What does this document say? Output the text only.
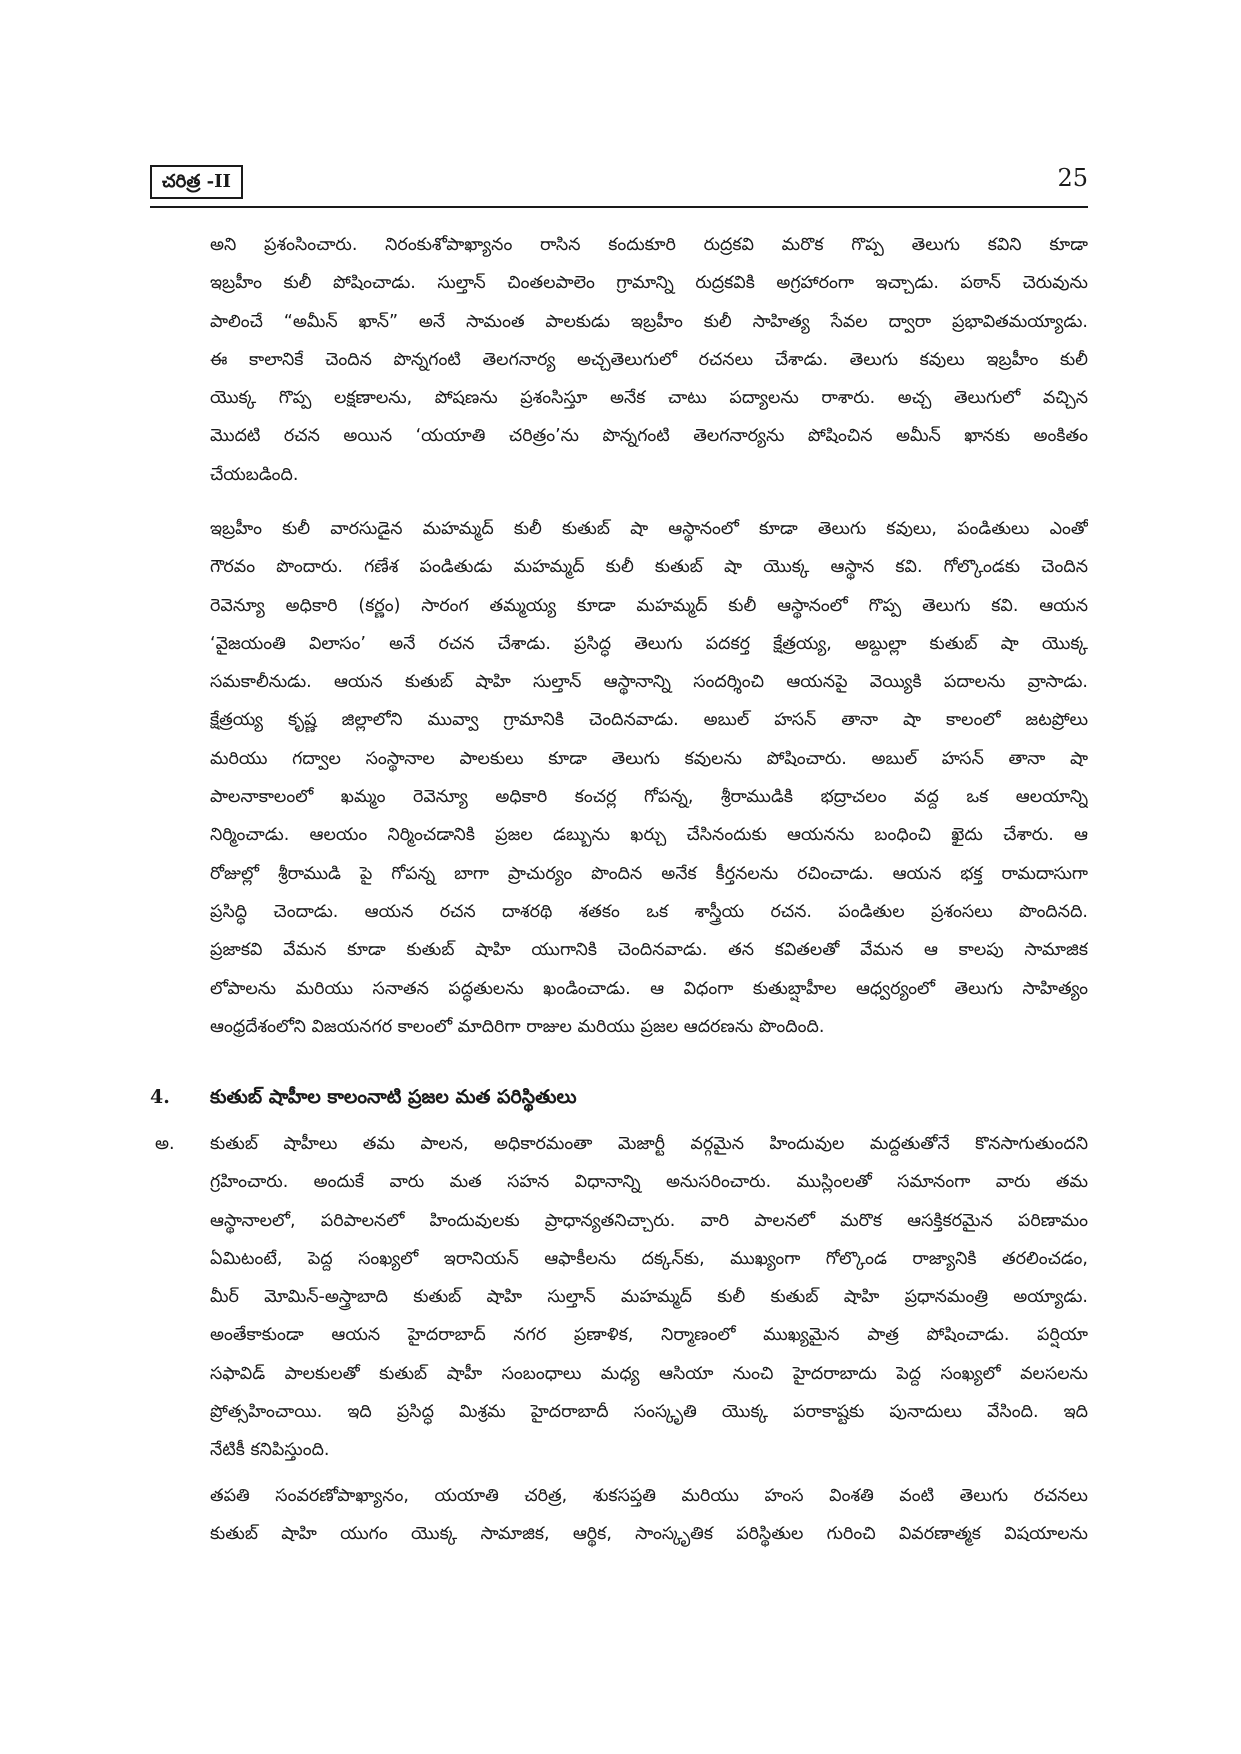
చరిత్ర -II	25
అని ప్రశంసించారు. నిరంకుశోపాఖ్యానం రాసిన కందుకూరి రుద్రకవి మరొక గొప్ప తెలుగు కవిని కూడా
ఇబ్రహీం కులీ పోషించాడు. సుల్తాన్ చింతలపాలెం గ్రామాన్ని రుద్రకవికి అగ్రహారంగా ఇచ్చాడు. పఠాన్ చెరువును
పాలించే “అమీన్ ఖాన్” అనే సామంత పాలకుడు ఇబ్రహీం కులీ సాహిత్య సేవల ద్వారా ప్రభావితమయ్యాడు.
ఈ కాలానికే చెందిన పొన్నగంటి తెలగనార్య అచ్చతెలుగులో రచనలు చేశాడు. తెలుగు కవులు ఇబ్రహీం కులీ
యొక్క గొప్ప లక్షణాలను, పోషణను ప్రశంసిస్తూ అనేక చాటు పద్యాలను రాశారు. అచ్చ తెలుగులో వచ్చిన
మొదటి రచన అయిన ‘యయాతి చరిత్రం’ను పొన్నగంటి తెలగనార్యను పోషించిన అమీన్ ఖానకు అంకితం
చేయబడింది.
ఇబ్రహీం కులీ వారసుడైన మహమ్మద్ కులీ కుతుబ్ షా ఆస్థానంలో కూడా తెలుగు కవులు, పండితులు ఎంతో
గౌరవం పొందారు. గణేశ పండితుడు మహమ్మద్ కులీ కుతుబ్ షా యొక్క ఆస్థాన కవి. గోల్కొండకు చెందిన
రెవెన్యూ అధికారి (కర్ణం) సారంగ తమ్మయ్య కూడా మహమ్మద్ కులీ ఆస్థానంలో గొప్ప తెలుగు కవి. ఆయన
‘వైజయంతి విలాసం’ అనే రచన చేశాడు. ప్రసిద్ధ తెలుగు పదకర్త క్షేత్రయ్య, అబ్దుల్లా కుతుబ్ షా యొక్క
సమకాలీనుడు. ఆయన కుతుబ్ షాహి సుల్తాన్ ఆస్థానాన్ని సందర్శించి ఆయనపై వెయ్యికి పదాలను వ్రాసాడు.
క్షేత్రయ్య కృష్ణ జిల్లాలోని మువ్వా గ్రామానికి చెందినవాడు. అబుల్ హసన్ తానా షా కాలంలో జటప్రోలు
మరియు గద్వాల సంస్థానాల పాలకులు కూడా తెలుగు కవులను పోషించారు. అబుల్ హసన్ తానా షా
పాలనాకాలంలో ఖమ్మం రెవెన్యూ అధికారి కంచర్ల గోపన్న, శ్రీరాముడికి భద్రాచలం వద్ద ఒక ఆలయాన్ని
నిర్మించాడు. ఆలయం నిర్మించడానికి ప్రజల డబ్బును ఖర్చు చేసినందుకు ఆయనను బంధించి ఖైదు చేశారు. ఆ
రోజుల్లో శ్రీరాముడి పై గోపన్న బాగా ప్రాచుర్యం పొందిన అనేక కీర్తనలను రచించాడు. ఆయన భక్త రామదాసుగా
ప్రసిద్ధి చెందాడు. ఆయన రచన దాశరథి శతకం ఒక శాస్త్రీయ రచన. పండితుల ప్రశంసలు పొందినది.
ప్రజాకవి వేమన కూడా కుతుబ్ షాహి యుగానికి చెందినవాడు. తన కవితలతో వేమన ఆ కాలపు సామాజిక
లోపాలను మరియు సనాతన పద్ధతులను ఖండించాడు. ఆ విధంగా కుతుబ్షాహీల ఆధ్వర్యంలో తెలుగు సాహిత్యం
ఆంధ్రదేశంలోని విజయనగర కాలంలో మాదిరిగా రాజుల మరియు ప్రజల ఆదరణను పొందింది.
4. కుతుబ్ షాహీల కాలంనాటి ప్రజల మత పరిస్థితులు
అ. కుతుబ్ షాహీలు తమ పాలన, అధికారమంతా మెజార్టీ వర్గమైన హిందువుల మద్దతుతోనే కొనసాగుతుందని
గ్రహించారు. అందుకే వారు మత సహన విధానాన్ని అనుసరించారు. ముస్లింలతో సమానంగా వారు తమ
ఆస్థానాలలో, పరిపాలనలో హిందువులకు ప్రాధాన్యతనిచ్చారు. వారి పాలనలో మరొక ఆసక్తికరమైన పరిణామం
ఏమిటంటే, పెద్ద సంఖ్యలో ఇరానియన్ ఆఫాకీలను దక్కన్‌కు, ముఖ్యంగా గోల్కొండ రాజ్యానికి తరలించడం,
మీర్ మోమిన్-అస్త్రాబాది కుతుబ్ షాహి సుల్తాన్ మహమ్మద్ కులీ కుతుబ్ షాహి ప్రధానమంత్రి అయ్యాడు.
అంతేకాకుండా ఆయన హైదరాబాద్ నగర ప్రణాళిక, నిర్మాణంలో ముఖ్యమైన పాత్ర పోషించాడు. పర్షియా
సఫావిడ్ పాలకులతో కుతుబ్ షాహీ సంబంధాలు మధ్య ఆసియా నుంచి హైదరాబాదు పెద్ద సంఖ్యలో వలసలను
ప్రోత్సహించాయి. ఇది ప్రసిద్ధ మిశ్రమ హైదరాబాదీ సంస్కృతి యొక్క పరాకాష్టకు పునాదులు వేసింది. ఇది
నేటికీ కనిపిస్తుంది.
తపతి సంవరణోపాఖ్యానం, యయాతి చరిత్ర, శుకసప్తతి మరియు హంస వింశతి వంటి తెలుగు రచనలు
కుతుబ్ షాహి యుగం యొక్క సామాజిక, ఆర్థిక, సాంస్కృతిక పరిస్థితుల గురించి వివరణాత్మక విషయాలను
